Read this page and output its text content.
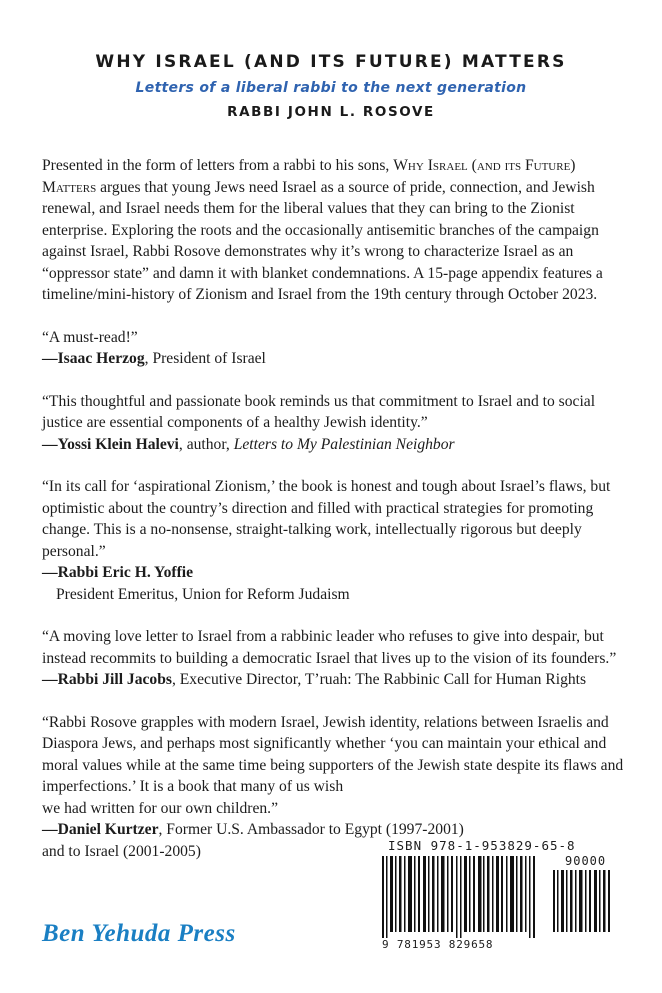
WHY ISRAEL (AND ITS FUTURE) MATTERS
Letters of a liberal rabbi to the next generation
RABBI JOHN L. ROSOVE

Presented in the form of letters from a rabbi to his sons, Why Israel (and its Future) Matters argues that young Jews need Israel as a source of pride, connection, and Jewish renewal, and Israel needs them for the liberal values that they can bring to the Zionist enterprise. Exploring the roots and the occasionally antisemitic branches of the campaign against Israel, Rabbi Rosove demonstrates why it’s wrong to characterize Israel as an “oppressor state” and damn it with blanket condemnations. A 15-page appendix features a timeline/mini-history of Zionism and Israel from the 19th century through October 2023.

“A must-read!”

—Isaac Herzog, President of Israel

“This thoughtful and passionate book reminds us that commitment to Israel and to social justice are essential components of a healthy Jewish identity.”

—Yossi Klein Halevi, author, Letters to My Palestinian Neighbor

“In its call for ‘aspirational Zionism,’ the book is honest and tough about Israel’s flaws, but optimistic about the country’s direction and filled with practical strategies for promoting change. This is a no-nonsense, straight-talking work, intellectually rigorous but deeply personal.”

—Rabbi Eric H. Yoffie
President Emeritus, Union for Reform Judaism

“A moving love letter to Israel from a rabbinic leader who refuses to give into despair, but instead recommits to building a democratic Israel that lives up to the vision of its founders.”

—Rabbi Jill Jacobs, Executive Director, T’ruah: The Rabbinic Call for Human Rights

“Rabbi Rosove grapples with modern Israel, Jewish identity, relations between Israelis and Diaspora Jews, and perhaps most significantly whether ‘you can maintain your ethical and moral values while at the same time being supporters of the Jewish state despite its flaws and imperfections.’ It is a book that many of us wish

we had written for our own children.”

—Daniel Kurtzer, Former U.S. Ambassador to Egypt (1997-2001) and to Israel (2001-2005)	ISBN 978-1-953829-65-8
90000
9 781953 829658
Ben Yehuda Press
